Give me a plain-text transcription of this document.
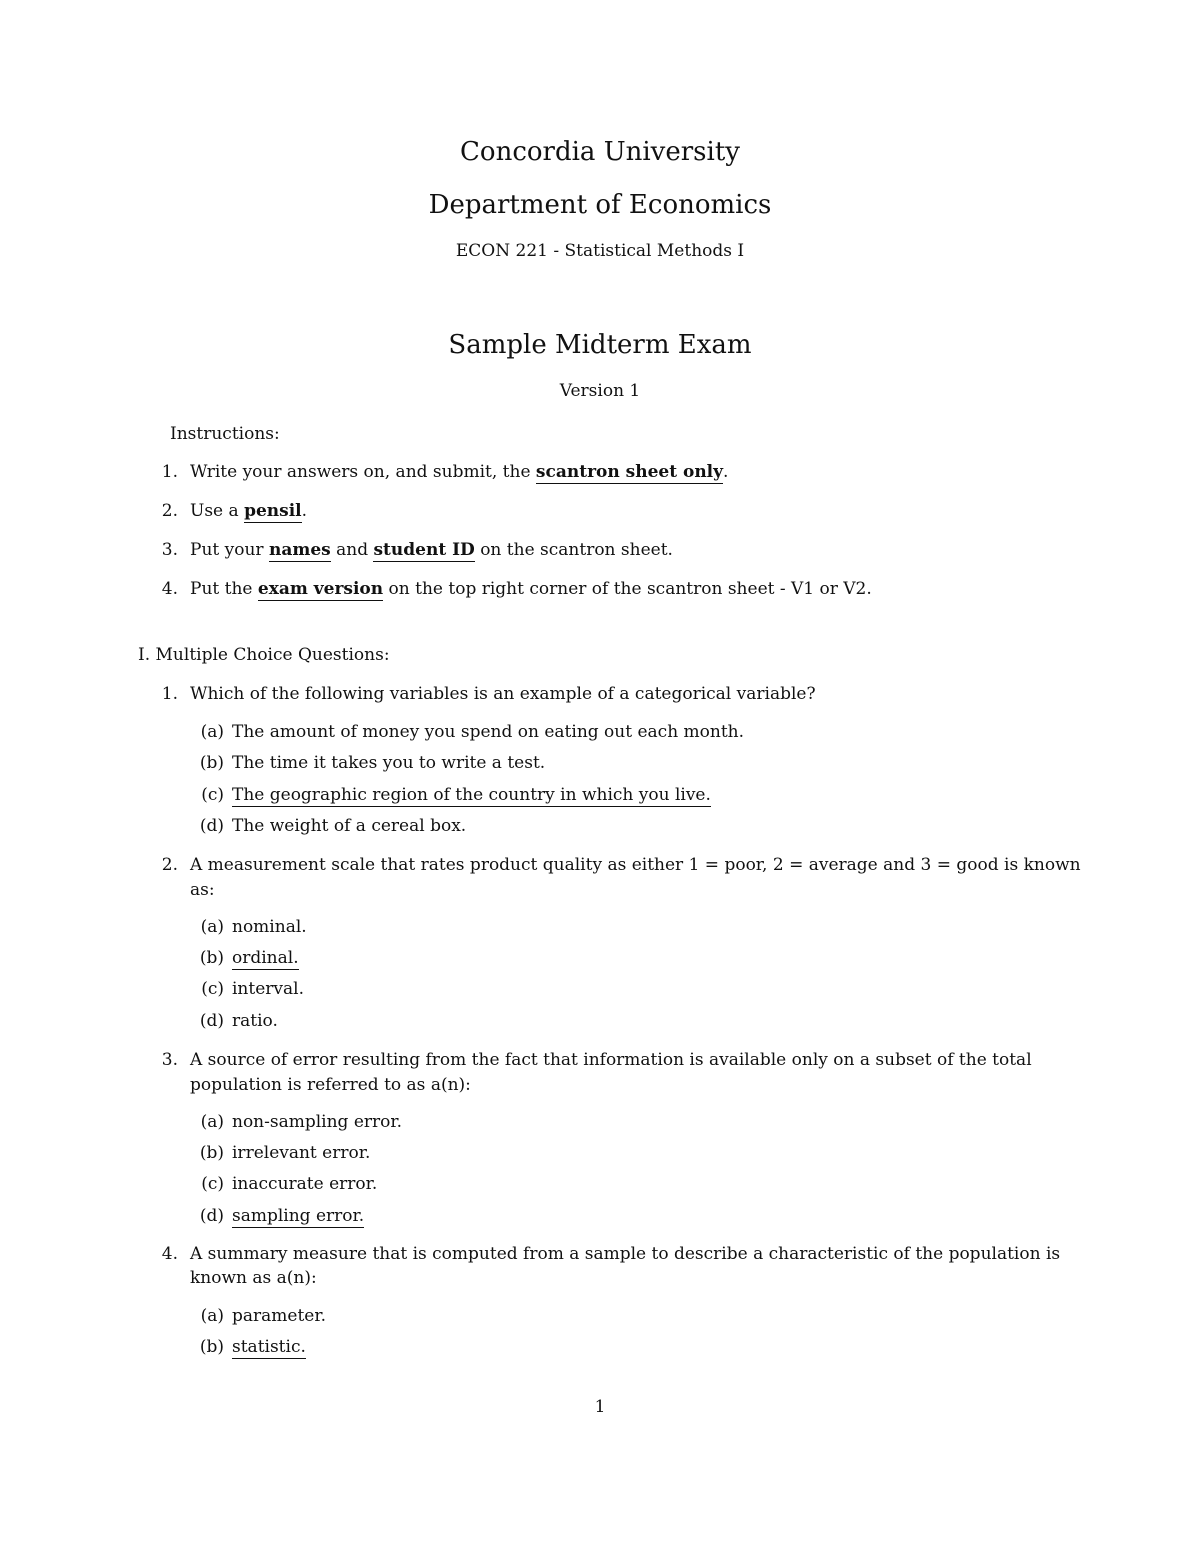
Concordia University
Department of Economics
ECON 221 - Statistical Methods I
Sample Midterm Exam
Version 1
Instructions:
1. Write your answers on, and submit, the scantron sheet only.
2. Use a pensil.
3. Put your names and student ID on the scantron sheet.
4. Put the exam version on the top right corner of the scantron sheet - V1 or V2.
I. Multiple Choice Questions:
1. Which of the following variables is an example of a categorical variable?
(a) The amount of money you spend on eating out each month.
(b) The time it takes you to write a test.
(c) The geographic region of the country in which you live.
(d) The weight of a cereal box.
2. A measurement scale that rates product quality as either 1 = poor, 2 = average and 3 = good is known
as:
(a) nominal.
(b) ordinal.
(c) interval.
(d) ratio.
3. A source of error resulting from the fact that information is available only on a subset of the total
population is referred to as a(n):
(a) non-sampling error.
(b) irrelevant error.
(c) inaccurate error.
(d) sampling error.
4. A summary measure that is computed from a sample to describe a characteristic of the population is
known as a(n):
(a) parameter.
(b) statistic.
1
